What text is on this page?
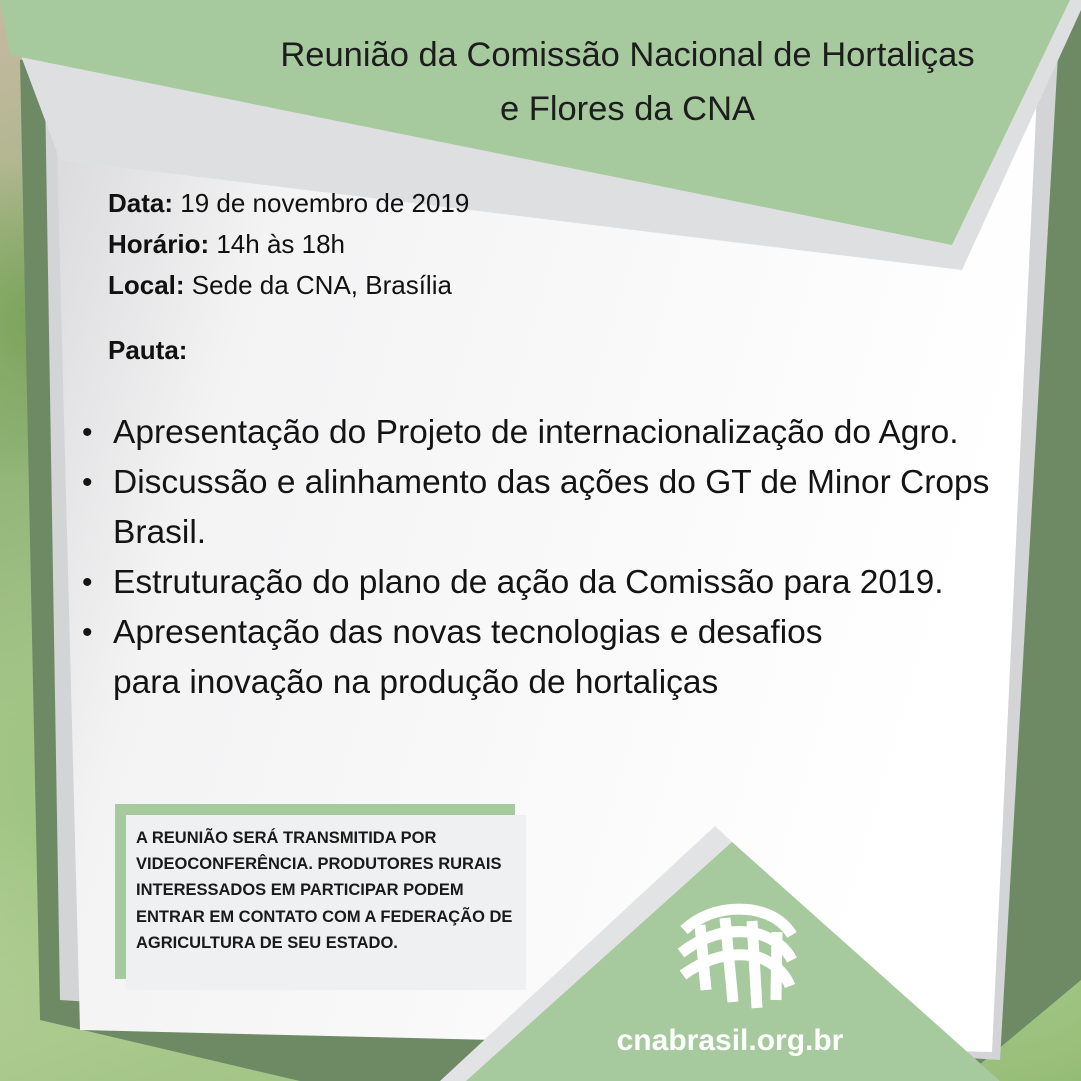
Reunião da Comissão Nacional de Hortaliças
e Flores da CNA
Data: 19 de novembro de 2019
Horário: 14h às 18h
Local: Sede da CNA, Brasília
Pauta:
• Apresentação do Projeto de internacionalização do Agro.
• Discussão e alinhamento das ações do GT de Minor Crops Brasil.
• Estruturação do plano de ação da Comissão para 2019.
• Apresentação das novas tecnologias e desafios
para inovação na produção de hortaliças
A REUNIÃO SERÁ TRANSMITIDA POR VIDEOCONFERÊNCIA. PRODUTORES RURAIS INTERESSADOS EM PARTICIPAR PODEM ENTRAR EM CONTATO COM A FEDERAÇÃO DE AGRICULTURA DE SEU ESTADO.
cnabrasil.org.br
